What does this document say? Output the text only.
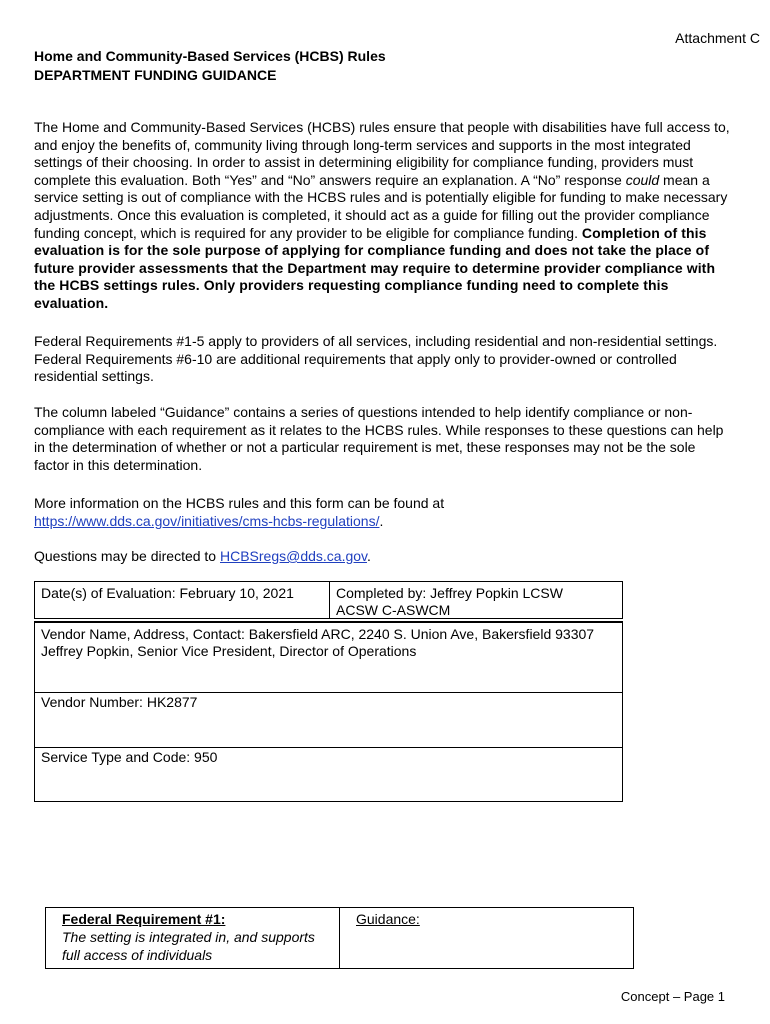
Attachment C
Home and Community-Based Services (HCBS) Rules
DEPARTMENT FUNDING GUIDANCE
The Home and Community-Based Services (HCBS) rules ensure that people with disabilities have full access to, and enjoy the benefits of, community living through long-term services and supports in the most integrated settings of their choosing. In order to assist in determining eligibility for compliance funding, providers must complete this evaluation. Both “Yes” and “No” answers require an explanation. A “No” response could mean a service setting is out of compliance with the HCBS rules and is potentially eligible for funding to make necessary adjustments. Once this evaluation is completed, it should act as a guide for filling out the provider compliance funding concept, which is required for any provider to be eligible for compliance funding. Completion of this evaluation is for the sole purpose of applying for compliance funding and does not take the place of future provider assessments that the Department may require to determine provider compliance with the HCBS settings rules. Only providers requesting compliance funding need to complete this evaluation.
Federal Requirements #1-5 apply to providers of all services, including residential and non-residential settings. Federal Requirements #6-10 are additional requirements that apply only to provider-owned or controlled residential settings.
The column labeled “Guidance” contains a series of questions intended to help identify compliance or non-compliance with each requirement as it relates to the HCBS rules. While responses to these questions can help in the determination of whether or not a particular requirement is met, these responses may not be the sole factor in this determination.
More information on the HCBS rules and this form can be found at
https://www.dds.ca.gov/initiatives/cms-hcbs-regulations/.
Questions may be directed to HCBSregs@dds.ca.gov.
Date(s) of Evaluation: February 10, 2021	Completed by: Jeffrey Popkin LCSW ACSW C-ASWCM
Vendor Name, Address, Contact: Bakersfield ARC, 2240 S. Union Ave, Bakersfield 93307 Jeffrey Popkin, Senior Vice President, Director of Operations
Vendor Number: HK2877
Service Type and Code: 950
Federal Requirement #1:
The setting is integrated in, and supports full access of individuals
Guidance:
Concept – Page 1
